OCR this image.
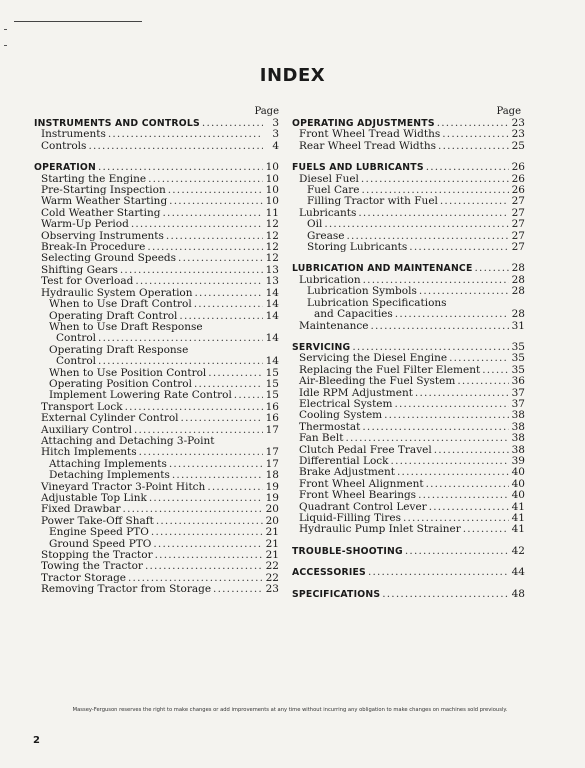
INDEX
Page
INSTRUMENTS AND CONTROLS .....	3
Instruments .....	3
Controls .....	4
OPERATION .....	10
Starting the Engine .....	10
Pre-Starting Inspection .....	10
Warm Weather Starting .....	10
Cold Weather Starting .....	11
Warm-Up Period .....	12
Observing Instruments .....	12
Break-In Procedure .....	12
Selecting Ground Speeds .....	12
Shifting Gears .....	13
Test for Overload .....	13
Hydraulic System Operation .....	14
When to Use Draft Control .....	14
Operating Draft Control .....	14
When to Use Draft Response
Control .....	14
Operating Draft Response
Control .....	14
When to Use Position Control .....	15
Operating Position Control .....	15
Implement Lowering Rate Control .....	15
Transport Lock .....	16
External Cylinder Control .....	16
Auxiliary Control .....	17
Attaching and Detaching 3-Point
Hitch Implements .....	17
Attaching Implements .....	17
Detaching Implements .....	18
Vineyard Tractor 3-Point Hitch .....	19
Adjustable Top Link .....	19
Fixed Drawbar .....	20
Power Take-Off Shaft .....	20
Engine Speed PTO .....	21
Ground Speed PTO .....	21
Stopping the Tractor .....	21
Towing the Tractor .....	22
Tractor Storage .....	22
Removing Tractor from Storage .....	23
Page
OPERATING ADJUSTMENTS .....	23
Front Wheel Tread Widths .....	23
Rear Wheel Tread Widths .....	25
FUELS AND LUBRICANTS .....	26
Diesel Fuel .....	26
Fuel Care .....	26
Filling Tractor with Fuel .....	27
Lubricants .....	27
Oil .....	27
Grease .....	27
Storing Lubricants .....	27
LUBRICATION AND MAINTENANCE .....	28
Lubrication .....	28
Lubrication Symbols .....	28
Lubrication Specifications
and Capacities .....	28
Maintenance .....	31
SERVICING .....	35
Servicing the Diesel Engine .....	35
Replacing the Fuel Filter Element .....	35
Air-Bleeding the Fuel System .....	36
Idle RPM Adjustment .....	37
Electrical System .....	37
Cooling System .....	38
Thermostat .....	38
Fan Belt .....	38
Clutch Pedal Free Travel .....	38
Differential Lock .....	39
Brake Adjustment .....	40
Front Wheel Alignment .....	40
Front Wheel Bearings .....	40
Quadrant Control Lever .....	41
Liquid-Filling Tires .....	41
Hydraulic Pump Inlet Strainer .....	41
TROUBLE-SHOOTING .....	42
ACCESSORIES .....	44
SPECIFICATIONS .....	48
Massey-Ferguson reserves the right to make changes or add improvements at any time without incurring any obligation to make changes on machines sold previously.
2
